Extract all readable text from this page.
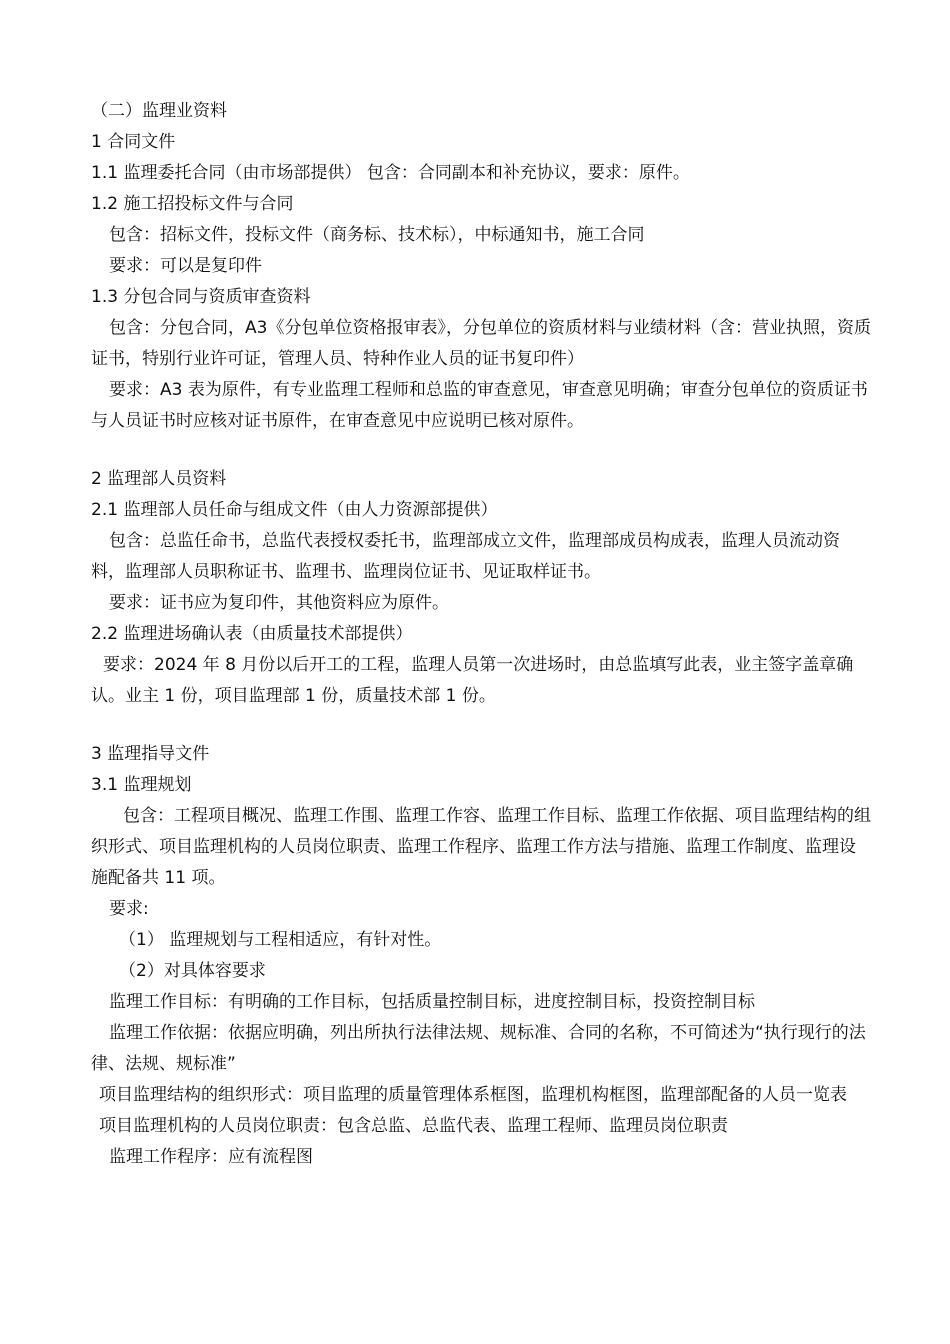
（二）监理业资料
1 合同文件
1.1 监理委托合同（由市场部提供） 包含：合同副本和补充协议，要求：原件。
1.2 施工招投标文件与合同
包含：招标文件，投标文件（商务标、技术标），中标通知书，施工合同
要求：可以是复印件
1.3 分包合同与资质审查资料
包含：分包合同，A3《分包单位资格报审表》，分包单位的资质材料与业绩材料（含：营业执照，资质证书，特别行业许可证，管理人员、特种作业人员的证书复印件）
要求：A3 表为原件，有专业监理工程师和总监的审查意见，审查意见明确；审查分包单位的资质证书与人员证书时应核对证书原件，在审查意见中应说明已核对原件。
2 监理部人员资料
2.1 监理部人员任命与组成文件（由人力资源部提供）
包含：总监任命书，总监代表授权委托书，监理部成立文件，监理部成员构成表，监理人员流动资料，监理部人员职称证书、监理书、监理岗位证书、见证取样证书。
要求：证书应为复印件，其他资料应为原件。
2.2 监理进场确认表（由质量技术部提供）
要求：2024 年 8 月份以后开工的工程，监理人员第一次进场时，由总监填写此表，业主签字盖章确认。业主 1 份，项目监理部 1 份，质量技术部 1 份。
3 监理指导文件
3.1 监理规划
包含：工程项目概况、监理工作围、监理工作容、监理工作目标、监理工作依据、项目监理结构的组织形式、项目监理机构的人员岗位职责、监理工作程序、监理工作方法与措施、监理工作制度、监理设施配备共 11 项。
要求:
（1） 监理规划与工程相适应，有针对性。
（2）对具体容要求
监理工作目标：有明确的工作目标，包括质量控制目标，进度控制目标，投资控制目标
监理工作依据：依据应明确，列出所执行法律法规、规标准、合同的名称，不可简述为“执行现行的法律、法规、规标准”
项目监理结构的组织形式：项目监理的质量管理体系框图，监理机构框图，监理部配备的人员一览表
项目监理机构的人员岗位职责：包含总监、总监代表、监理工程师、监理员岗位职责
监理工作程序：应有流程图
